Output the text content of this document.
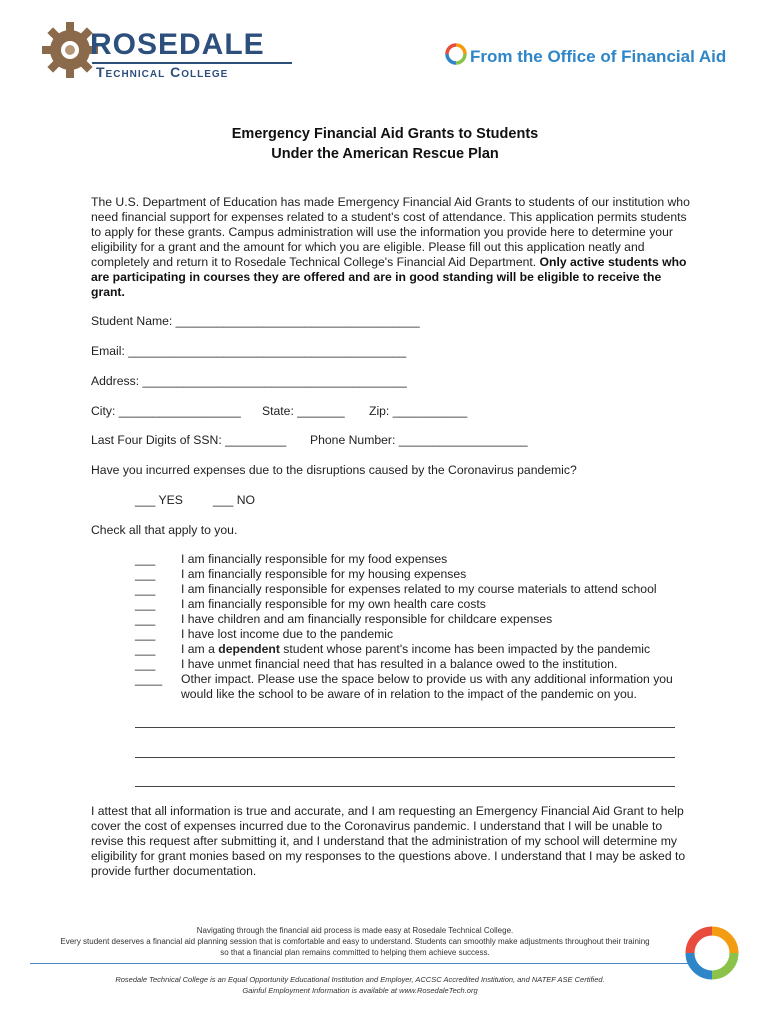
ROSEDALE
Technical College
From the Office of Financial Aid
Emergency Financial Aid Grants to Students
Under the American Rescue Plan
The U.S. Department of Education has made Emergency Financial Aid Grants to students of our institution who need financial support for expenses related to a student's cost of attendance. This application permits students to apply for these grants. Campus administration will use the information you provide here to determine your eligibility for a grant and the amount for which you are eligible. Please fill out this application neatly and completely and return it to Rosedale Technical College's Financial Aid Department. Only active students who are participating in courses they are offered and are in good standing will be eligible to receive the grant.
Student Name: ____________________________________
Email: _________________________________________
Address: _______________________________________
City: __________________ State: _______ Zip: ___________
Last Four Digits of SSN: _________ Phone Number: ___________________
Have you incurred expenses due to the disruptions caused by the Coronavirus pandemic?
___ YES ___ NO
Check all that apply to you.
___	I am financially responsible for my food expenses
___	I am financially responsible for my housing expenses
___	I am financially responsible for expenses related to my course materials to attend school
___	I am financially responsible for my own health care costs
___	I have children and am financially responsible for childcare expenses
___	I have lost income due to the pandemic
___	I am a dependent student whose parent's income has been impacted by the pandemic
___	I have unmet financial need that has resulted in a balance owed to the institution.
____	Other impact. Please use the space below to provide us with any additional information you would like the school to be aware of in relation to the impact of the pandemic on you.
I attest that all information is true and accurate, and I am requesting an Emergency Financial Aid Grant to help cover the cost of expenses incurred due to the Coronavirus pandemic. I understand that I will be unable to revise this request after submitting it, and I understand that the administration of my school will determine my eligibility for grant monies based on my responses to the questions above. I understand that I may be asked to provide further documentation.
Navigating through the financial aid process is made easy at Rosedale Technical College.
Every student deserves a financial aid planning session that is comfortable and easy to understand. Students can smoothly make adjustments throughout their training so that a financial plan remains committed to helping them achieve success.
Rosedale Technical College is an Equal Opportunity Educational Institution and Employer, ACCSC Accredited Institution, and NATEF ASE Certified.
Gainful Employment Information is available at www.RosedaleTech.org
